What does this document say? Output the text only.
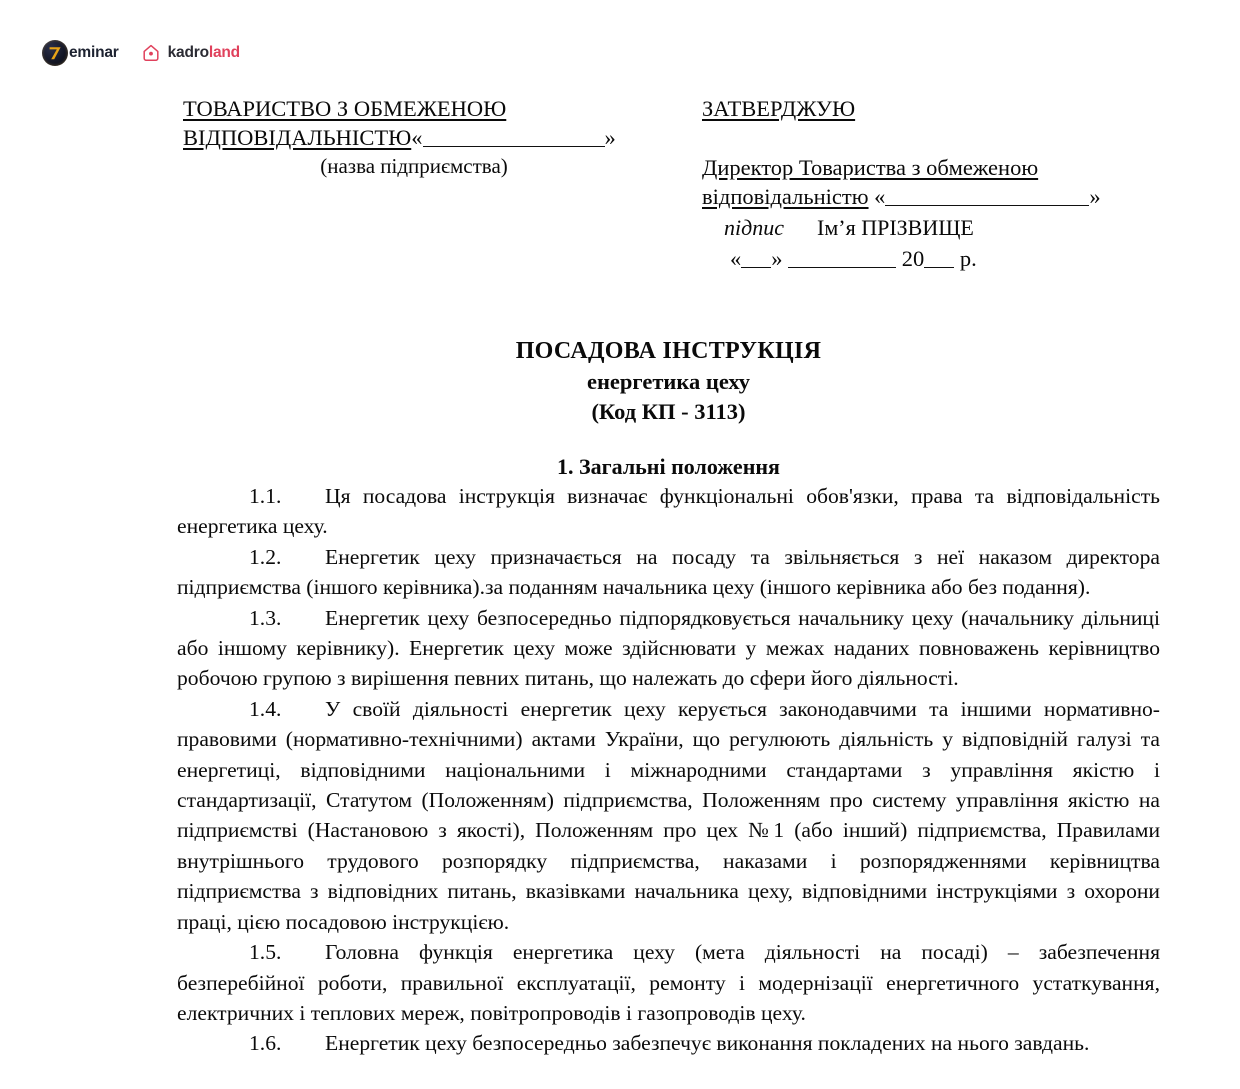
eminar	kadroland
ТОВАРИСТВО З ОБМЕЖЕНОЮ
ВІДПОВІДАЛЬНІСТЮ«	»
(назва підприємства)
ЗАТВЕРДЖУЮ
Директор Товариства з обмеженою
відповідальністю «	»
підпис Ім’я ПРІЗВИЩЕ
« »	20 р.
ПОСАДОВА ІНСТРУКЦІЯ
енергетика цеху
(Код КП - 3113)
1. Загальні положення

1.1. Ця посадова інструкція визначає функціональні обов'язки, права та відповідальність енергетика цеху.

1.2. Енергетик цеху призначається на посаду та звільняється з неї наказом директора підприємства (іншого керівника).за поданням начальника цеху (іншого керівника або без подання).

1.3. Енергетик цеху безпосередньо підпорядковується начальнику цеху (начальнику дільниці або іншому керівнику). Енергетик цеху може здійснювати у межах наданих повноважень керівництво робочою групою з вирішення певних питань, що належать до сфери його діяльності.

1.4. У своїй діяльності енергетик цеху керується законодавчими та іншими нормативно-правовими (нормативно-технічними) актами України, що регулюють діяльність у відповідній галузі та енергетиці, відповідними національними і міжнародними стандартами з управління якістю і стандартизації, Статутом (Положенням) підприємства, Положенням про систему управління якістю на підприємстві (Настановою з якості), Положенням про цех №1 (або інший) підприємства, Правилами внутрішнього трудового розпорядку підприємства, наказами і розпорядженнями керівництва підприємства з відповідних питань, вказівками начальника цеху, відповідними інструкціями з охорони праці, цією посадовою інструкцією.

1.5. Головна функція енергетика цеху (мета діяльності на посаді) – забезпечення безперебійної роботи, правильної експлуатації, ремонту і модернізації енергетичного устаткування, електричних і теплових мереж, повітропроводів і газопроводів цеху.

1.6. Енергетик цеху безпосередньо забезпечує виконання покладених на нього завдань.
